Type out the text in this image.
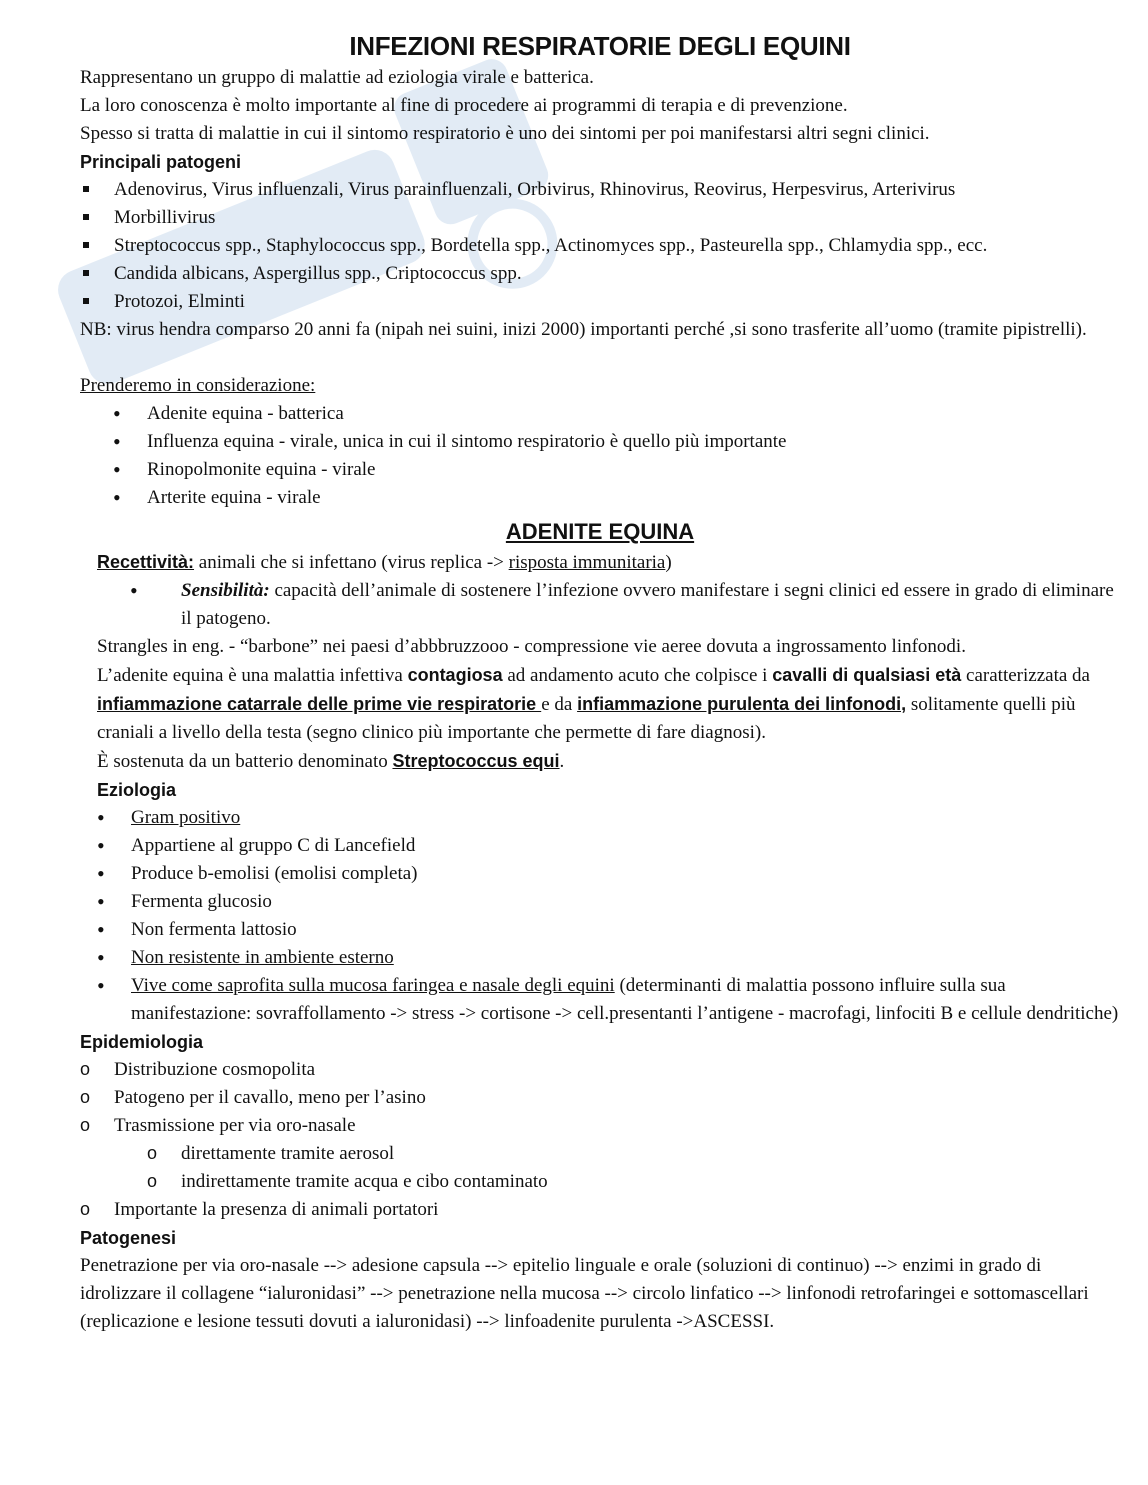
INFEZIONI RESPIRATORIE DEGLI EQUINI

Rappresentano un gruppo di malattie ad eziologia virale e batterica.

La loro conoscenza è molto importante al fine di procedere ai programmi di terapia e di prevenzione.

Spesso si tratta di malattie in cui il sintomo respiratorio è uno dei sintomi per poi manifestarsi altri segni clinici.

Principali patogeni

Adenovirus, Virus influenzali, Virus parainfluenzali, Orbivirus, Rhinovirus, Reovirus, Herpesvirus, Arterivirus
Morbillivirus
Streptococcus spp., Staphylococcus spp., Bordetella spp., Actinomyces spp., Pasteurella spp., Chlamydia spp., ecc.
Candida albicans, Aspergillus spp., Criptococcus spp.
Protozoi, Elminti

NB: virus hendra comparso 20 anni fa (nipah nei suini, inizi 2000) importanti perché ,si sono trasferite all’uomo (tramite pipistrelli).

Prenderemo in considerazione:

• Adenite equina - batterica
• Influenza equina - virale, unica in cui il sintomo respiratorio è quello più importante
• Rinopolmonite equina - virale
• Arterite equina - virale
ADENITE EQUINA

Recettività: animali che si infettano (virus replica -> risposta immunitaria)

• Sensibilità: capacità dell’animale di sostenere l’infezione ovvero manifestare i segni clinici ed essere in grado di eliminare il patogeno.

Strangles in eng. - “barbone” nei paesi d’abbbruzzooo - compressione vie aeree dovuta a ingrossamento linfonodi.

L’adenite equina è una malattia infettiva contagiosa ad andamento acuto che colpisce i cavalli di qualsiasi età caratterizzata da infiammazione catarrale delle prime vie respiratorie e da infiammazione purulenta dei linfonodi, solitamente quelli più craniali a livello della testa (segno clinico più importante che permette di fare diagnosi).

È sostenuta da un batterio denominato Streptococcus equi.

Eziologia

• Gram positivo
• Appartiene al gruppo C di Lancefield
• Produce b-emolisi (emolisi completa)
• Fermenta glucosio
• Non fermenta lattosio
• Non resistente in ambiente esterno
• Vive come saprofita sulla mucosa faringea e nasale degli equini (determinanti di malattia possono influire sulla sua manifestazione: sovraffollamento -> stress -> cortisone -> cell.presentanti l’antigene - macrofagi, linfociti B e cellule dendritiche)

Epidemiologia

o Distribuzione cosmopolita
o Patogeno per il cavallo, meno per l’asino
o Trasmissione per via oro-nasale
o direttamente tramite aerosol
o indirettamente tramite acqua e cibo contaminato
o Importante la presenza di animali portatori

Patogenesi

Penetrazione per via oro-nasale --> adesione capsula --> epitelio linguale e orale (soluzioni di continuo) --> enzimi in grado di idrolizzare il collagene “ialuronidasi” --> penetrazione nella mucosa --> circolo linfatico --> linfonodi retrofaringei e sottomascellari (replicazione e lesione tessuti dovuti a ialuronidasi) --> linfoadenite purulenta ->ASCESSI.
